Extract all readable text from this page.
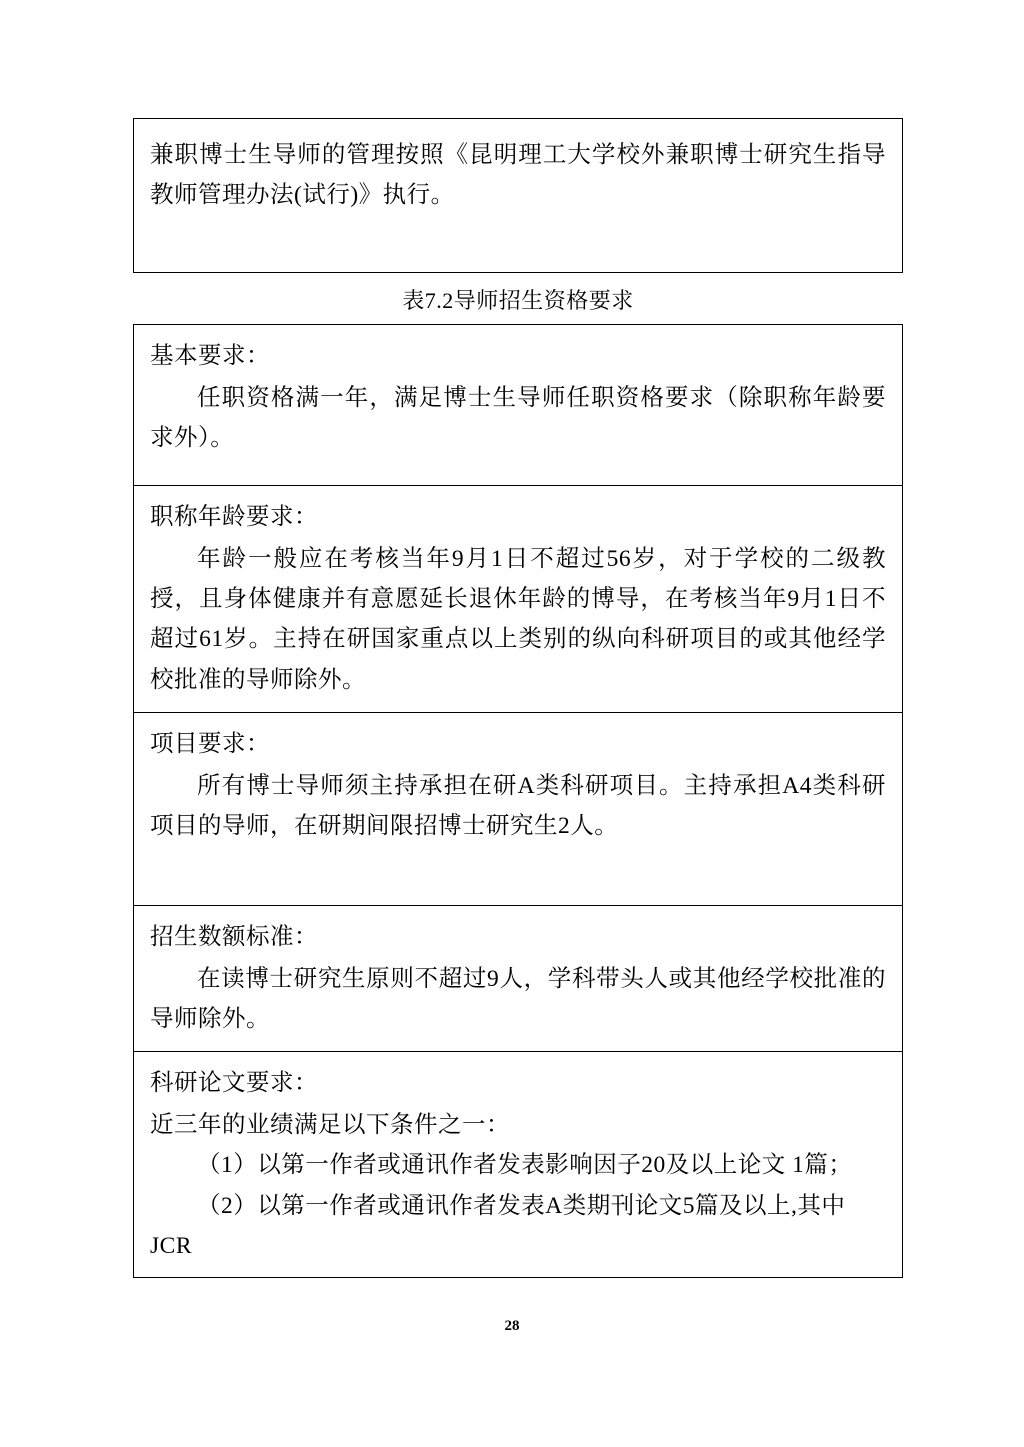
兼职博士生导师的管理按照《昆明理工大学校外兼职博士研究生指导教师管理办法(试行)》执行。

表7.2导师招生资格要求

基本要求：

任职资格满一年，满足博士生导师任职资格要求（除职称年龄要求外）。

职称年龄要求：

年龄一般应在考核当年9月1日不超过56岁，对于学校的二级教授，且身体健康并有意愿延长退休年龄的博导，在考核当年9月1日不超过61岁。主持在研国家重点以上类别的纵向科研项目的或其他经学校批准的导师除外。

项目要求：

所有博士导师须主持承担在研A类科研项目。主持承担A4类科研项目的导师，在研期间限招博士研究生2人。

招生数额标准：

在读博士研究生原则不超过9人，学科带头人或其他经学校批准的导师除外。

科研论文要求：

近三年的业绩满足以下条件之一：

（1）以第一作者或通讯作者发表影响因子20及以上论文 1篇；

（2）以第一作者或通讯作者发表A类期刊论文5篇及以上,其中 JCR

28
